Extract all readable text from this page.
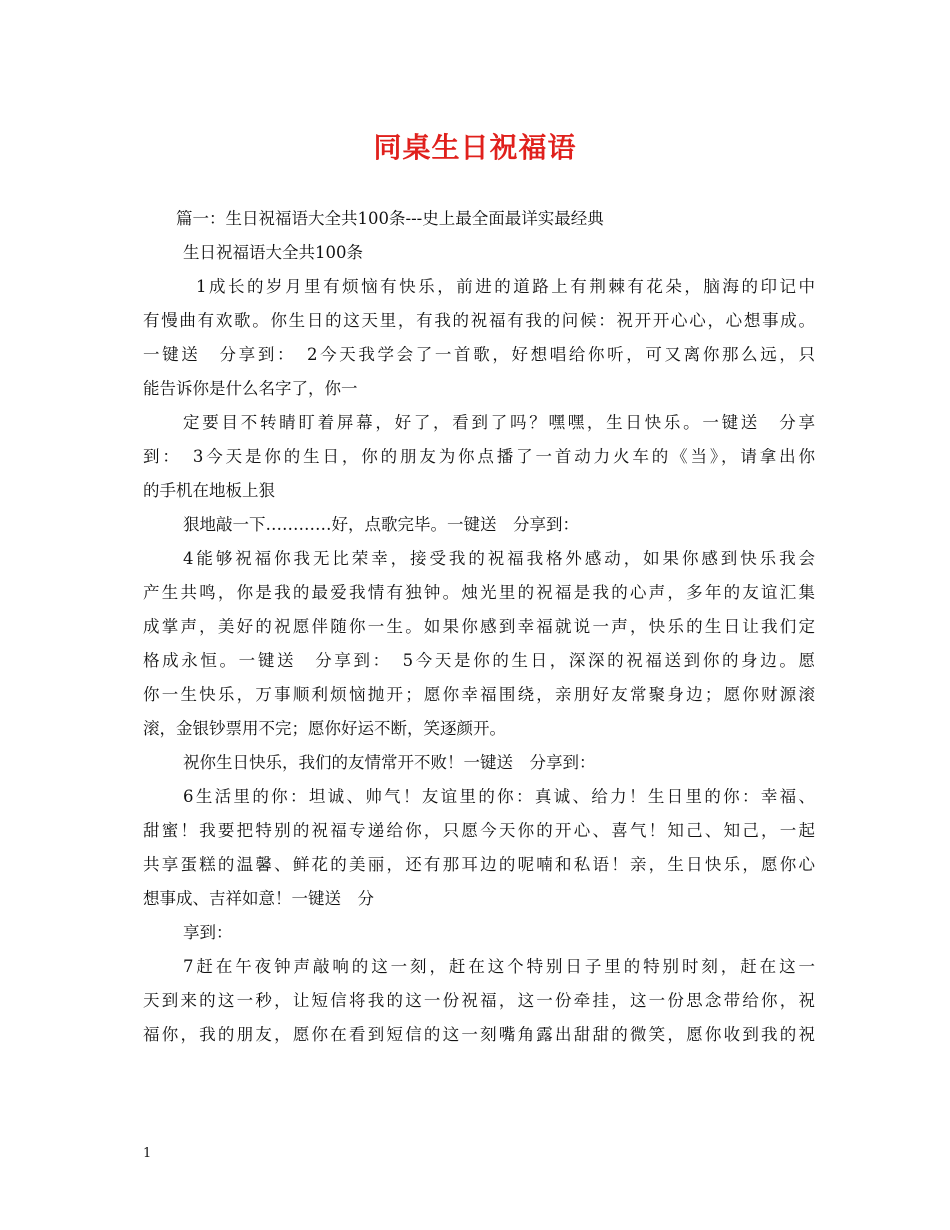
同桌生日祝福语
篇一：生日祝福语大全共100条---史上最全面最详实最经典
生日祝福语大全共100条
1成长的岁月里有烦恼有快乐，前进的道路上有荆棘有花朵，脑海的印记中
有慢曲有欢歌。你生日的这天里，有我的祝福有我的问候：祝开开心心，心想事成。
一键送　分享到：　2今天我学会了一首歌，好想唱给你听，可又离你那么远，只
能告诉你是什么名字了，你一
定要目不转睛盯着屏幕，好了，看到了吗？嘿嘿，生日快乐。一键送　分享
到：　3今天是你的生日，你的朋友为你点播了一首动力火车的《当》，请拿出你
的手机在地板上狠
狠地敲一下…………好，点歌完毕。一键送　分享到：
4能够祝福你我无比荣幸，接受我的祝福我格外感动，如果你感到快乐我会
产生共鸣，你是我的最爱我情有独钟。烛光里的祝福是我的心声，多年的友谊汇集
成掌声，美好的祝愿伴随你一生。如果你感到幸福就说一声，快乐的生日让我们定
格成永恒。一键送　分享到：　5今天是你的生日，深深的祝福送到你的身边。愿
你一生快乐，万事顺利烦恼抛开；愿你幸福围绕，亲朋好友常聚身边；愿你财源滚
滚，金银钞票用不完；愿你好运不断，笑逐颜开。
祝你生日快乐，我们的友情常开不败！一键送　分享到：
6生活里的你：坦诚、帅气！友谊里的你：真诚、给力！生日里的你：幸福、
甜蜜！我要把特别的祝福专递给你，只愿今天你的开心、喜气！知己、知己，一起
共享蛋糕的温馨、鲜花的美丽，还有那耳边的呢喃和私语！亲，生日快乐，愿你心
想事成、吉祥如意！一键送　分
享到：
7赶在午夜钟声敲响的这一刻，赶在这个特别日子里的特别时刻，赶在这一
天到来的这一秒，让短信将我的这一份祝福，这一份牵挂，这一份思念带给你，祝
福你，我的朋友，愿你在看到短信的这一刻嘴角露出甜甜的微笑，愿你收到我的祝
1
